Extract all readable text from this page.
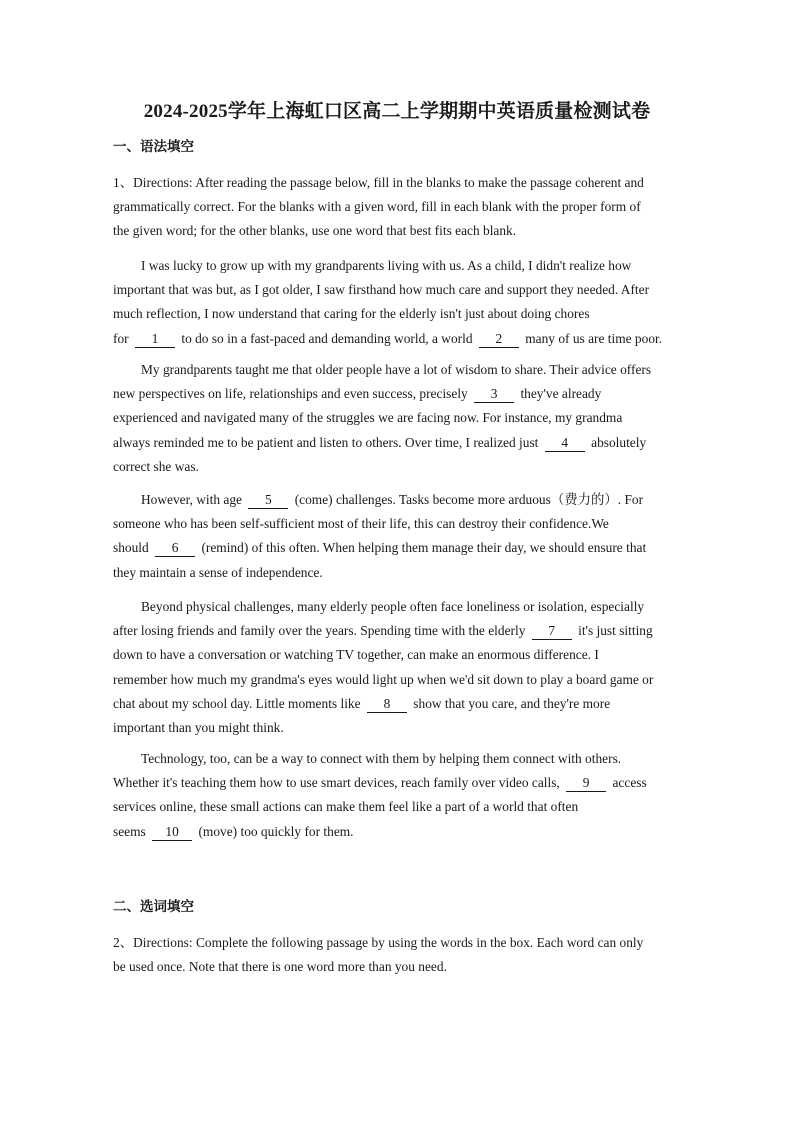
2024-2025学年上海虹口区高二上学期期中英语质量检测试卷
一、语法填空
1、Directions: After reading the passage below, fill in the blanks to make the passage coherent and
grammatically correct. For the blanks with a given word, fill in each blank with the proper form of
the given word; for the other blanks, use one word that best fits each blank.
I was lucky to grow up with my grandparents living with us. As a child, I didn't realize how
important that was but, as I got older, I saw firsthand how much care and support they needed. After
much reflection, I now understand that caring for the elderly isn't just about doing chores
for 1 to do so in a fast-paced and demanding world, a world 2 many of us are time poor.
My grandparents taught me that older people have a lot of wisdom to share. Their advice offers
new perspectives on life, relationships and even success, precisely 3 they've already
experienced and navigated many of the struggles we are facing now. For instance, my grandma
always reminded me to be patient and listen to others. Over time, I realized just 4 absolutely
correct she was.
However, with age 5 (come) challenges. Tasks become more arduous（费力的）. For
someone who has been self-sufficient most of their life, this can destroy their confidence.We
should 6 (remind) of this often. When helping them manage their day, we should ensure that
they maintain a sense of independence.
Beyond physical challenges, many elderly people often face loneliness or isolation, especially
after losing friends and family over the years. Spending time with the elderly 7 it's just sitting
down to have a conversation or watching TV together, can make an enormous difference. I
remember how much my grandma's eyes would light up when we'd sit down to play a board game or
chat about my school day. Little moments like 8 show that you care, and they're more
important than you might think.
Technology, too, can be a way to connect with them by helping them connect with others.
Whether it's teaching them how to use smart devices, reach family over video calls, 9 access
services online, these small actions can make them feel like a part of a world that often
seems 10 (move) too quickly for them.
二、选词填空
2、Directions: Complete the following passage by using the words in the box. Each word can only
be used once. Note that there is one word more than you need.
